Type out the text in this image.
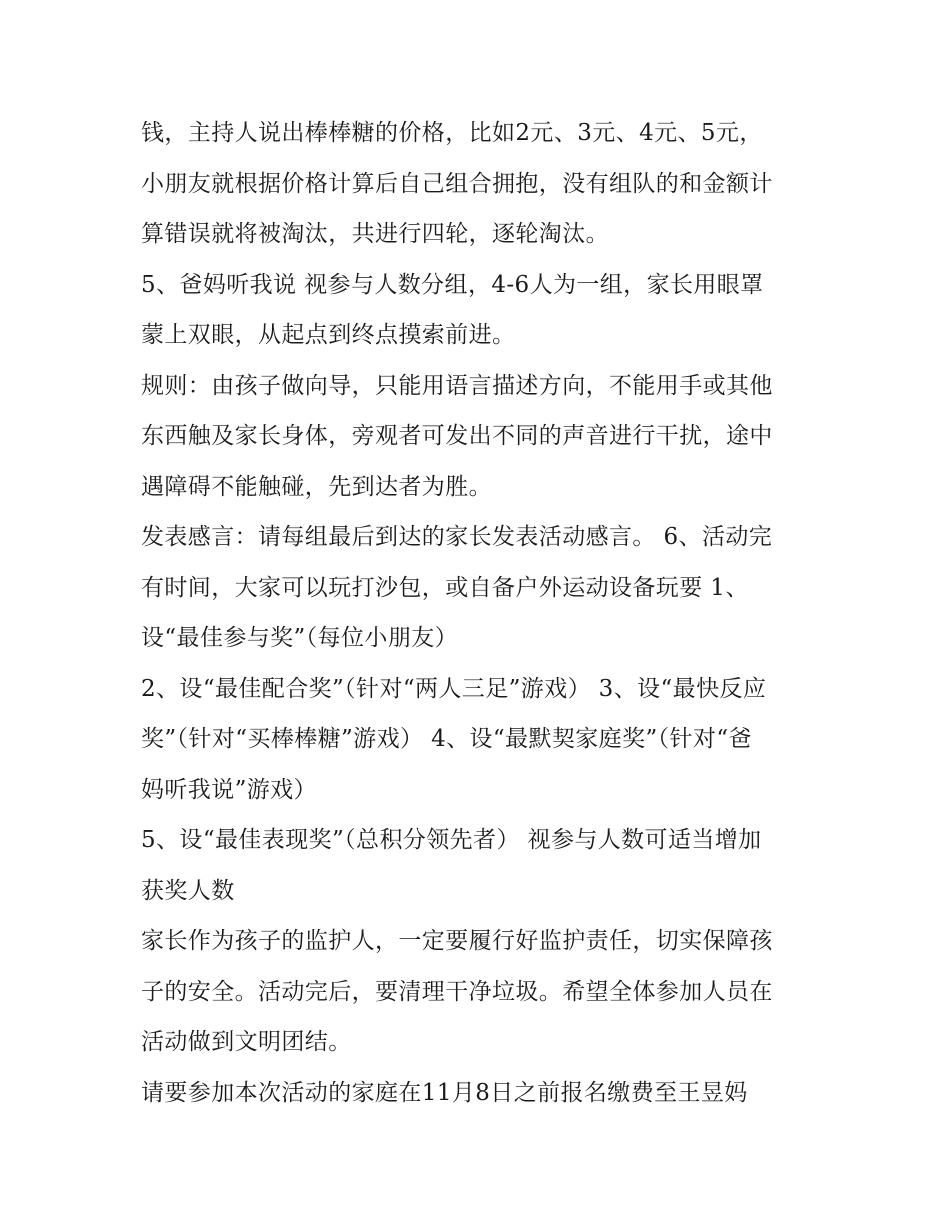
钱，主持人说出棒棒糖的价格，比如2元、3元、4元、5元，
小朋友就根据价格计算后自己组合拥抱，没有组队的和金额计
算错误就将被淘汰，共进行四轮，逐轮淘汰。
5、爸妈听我说 视参与人数分组，4-6人为一组，家长用眼罩
蒙上双眼，从起点到终点摸索前进。
规则：由孩子做向导，只能用语言描述方向，不能用手或其他
东西触及家长身体，旁观者可发出不同的声音进行干扰，途中
遇障碍不能触碰，先到达者为胜。
发表感言：请每组最后到达的家长发表活动感言。 6、活动完
有时间，大家可以玩打沙包，或自备户外运动设备玩要 1、
设“最佳参与奖”（每位小朋友）
2、设“最佳配合奖”（针对“两人三足”游戏） 3、设“最快反应
奖”（针对“买棒棒糖”游戏） 4、设“最默契家庭奖”（针对“爸
妈听我说”游戏）
5、设“最佳表现奖”（总积分领先者） 视参与人数可适当增加
获奖人数
家长作为孩子的监护人，一定要履行好监护责任，切实保障孩
子的安全。活动完后，要清理干净垃圾。希望全体参加人员在
活动做到文明团结。
请要参加本次活动的家庭在11月8日之前报名缴费至王昱妈
